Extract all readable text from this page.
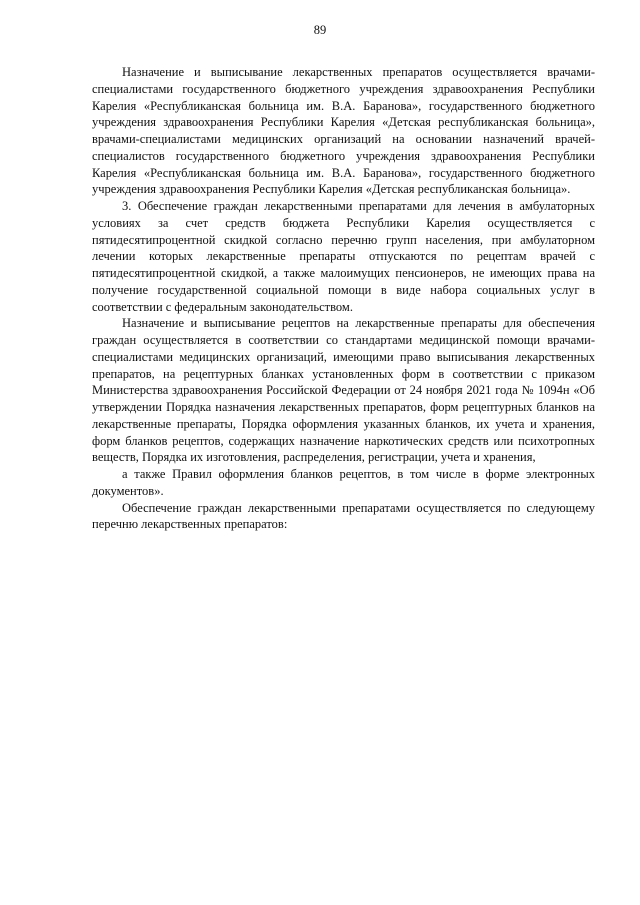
89

Назначение и выписывание лекарственных препаратов осуществляется врачами-специалистами государственного бюджетного учреждения здравоохранения Республики Карелия «Республиканская больница им. В.А. Баранова», государственного бюджетного учреждения здравоохранения Республики Карелия «Детская республиканская больница», врачами-специалистами медицинских организаций на основании назначений врачей-специалистов государственного бюджетного учреждения здравоохранения Республики Карелия «Республиканская больница им. В.А. Баранова», государственного бюджетного учреждения здравоохранения Республики Карелия «Детская республиканская больница».

3. Обеспечение граждан лекарственными препаратами для лечения в амбулаторных условиях за счет средств бюджета Республики Карелия осуществляется с пятидесятипроцентной скидкой согласно перечню групп населения, при амбулаторном лечении которых лекарственные препараты отпускаются по рецептам врачей с пятидесятипроцентной скидкой, а также малоимущих пенсионеров, не имеющих права на получение государственной социальной помощи в виде набора социальных услуг в соответствии с федеральным законодательством.

Назначение и выписывание рецептов на лекарственные препараты для обеспечения граждан осуществляется в соответствии со стандартами медицинской помощи врачами-специалистами медицинских организаций, имеющими право выписывания лекарственных препаратов, на рецептурных бланках установленных форм в соответствии с приказом Министерства здравоохранения Российской Федерации от 24 ноября 2021 года № 1094н «Об утверждении Порядка назначения лекарственных препаратов, форм рецептурных бланков на лекарственные препараты, Порядка оформления указанных бланков, их учета и хранения, форм бланков рецептов, содержащих назначение наркотических средств или психотропных веществ, Порядка их изготовления, распределения, регистрации, учета и хранения,

а также Правил оформления бланков рецептов, в том числе в форме электронных документов».

Обеспечение граждан лекарственными препаратами осуществляется по следующему перечню лекарственных препаратов:
